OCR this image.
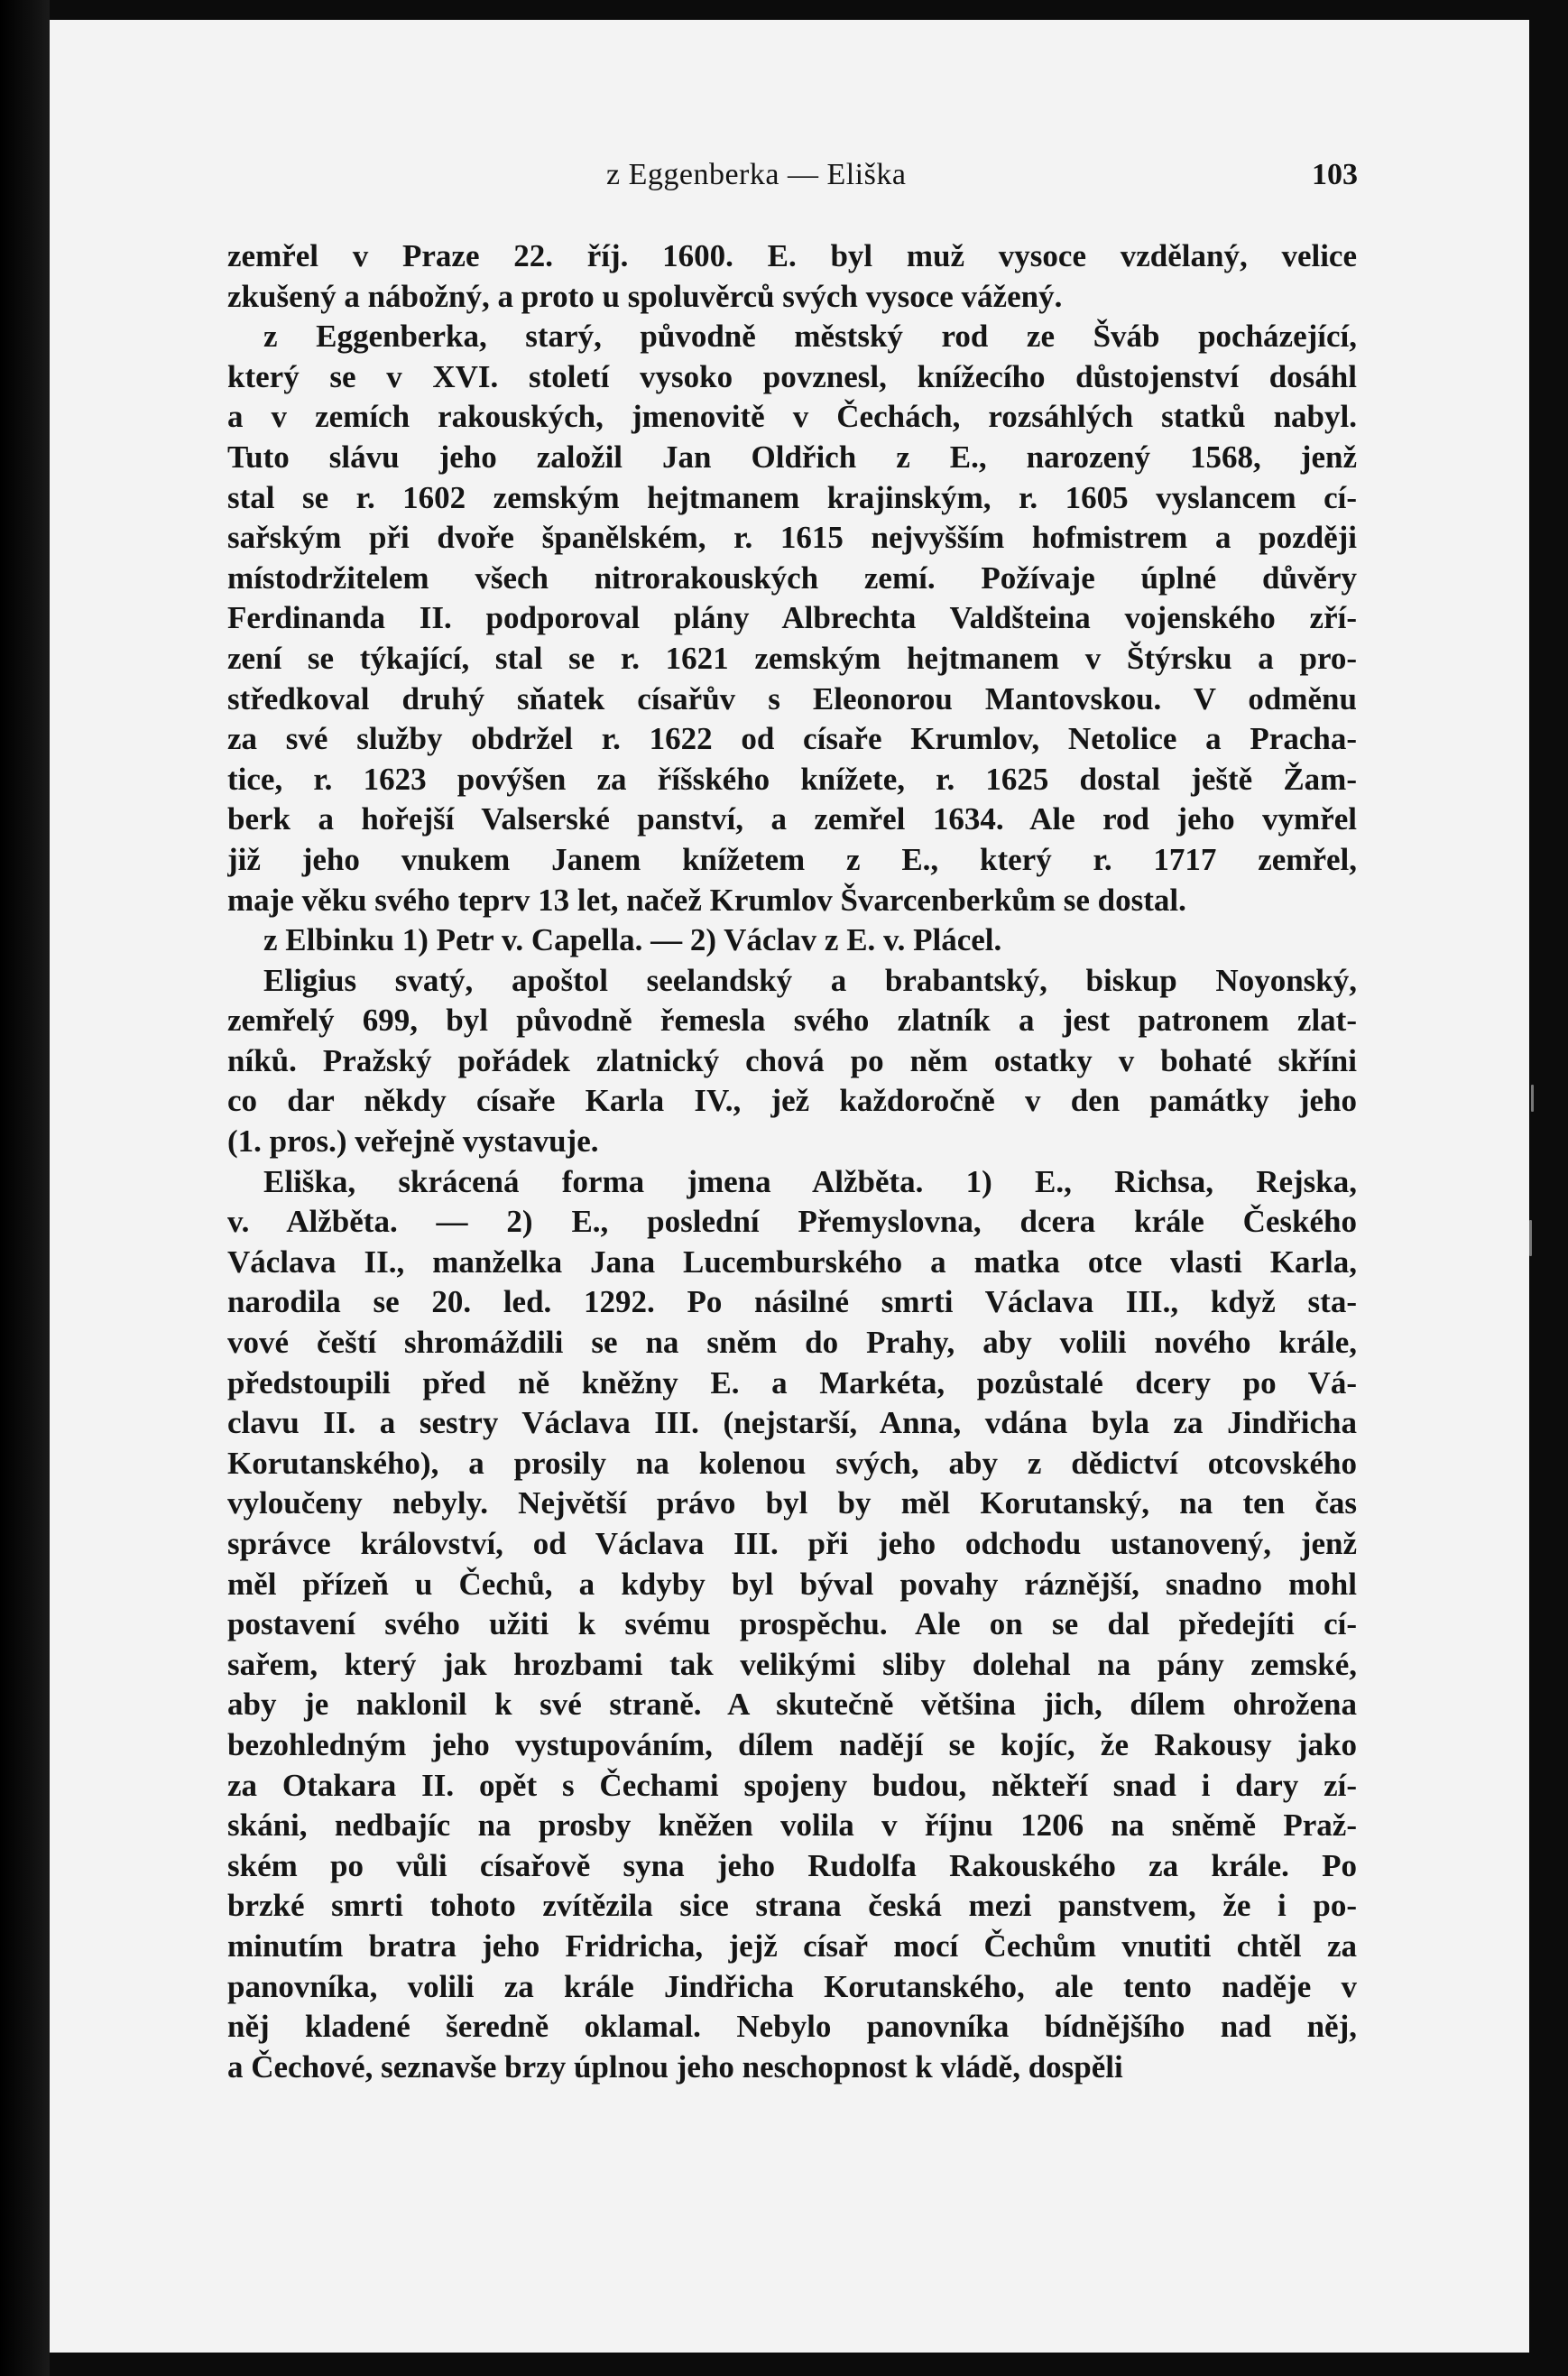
z Eggenberka — Eliška	103
zemřel v Praze 22. říj. 1600. E. byl muž vysoce vzdělaný, velice
zkušený a nábožný, a proto u spoluvěrců svých vysoce vážený.
z Eggenberka, starý, původně městský rod ze Šváb pocházející,
který se v XVI. století vysoko povznesl, knížecího důstojenství dosáhl
a v zemích rakouských, jmenovitě v Čechách, rozsáhlých statků nabyl.
Tuto slávu jeho založil Jan Oldřich z E., narozený 1568, jenž
stal se r. 1602 zemským hejtmanem krajinským, r. 1605 vyslancem cí-
sařským při dvoře španělském, r. 1615 nejvyšším hofmistrem a později
místodržitelem všech nitrorakouských zemí. Požívaje úplné důvěry
Ferdinanda II. podporoval plány Albrechta Valdšteina vojenského zří-
zení se týkající, stal se r. 1621 zemským hejtmanem v Štýrsku a pro-
středkoval druhý sňatek císařův s Eleonorou Mantovskou. V odměnu
za své služby obdržel r. 1622 od císaře Krumlov, Netolice a Pracha-
tice, r. 1623 povýšen za říšského knížete, r. 1625 dostal ještě Žam-
berk a hořejší Valserské panství, a zemřel 1634. Ale rod jeho vymřel
již jeho vnukem Janem knížetem z E., který r. 1717 zemřel,
maje věku svého teprv 13 let, načež Krumlov Švarcenberkům se dostal.
z Elbinku 1) Petr v. Capella. — 2) Václav z E. v. Plácel.
Eligius svatý, apoštol seelandský a brabantský, biskup Noyonský,
zemřelý 699, byl původně řemesla svého zlatník a jest patronem zlat-
níků. Pražský pořádek zlatnický chová po něm ostatky v bohaté skříni
co dar někdy císaře Karla IV., jež každoročně v den památky jeho
(1. pros.) veřejně vystavuje.
Eliška, skrácená forma jmena Alžběta. 1) E., Richsa, Rejska,
v. Alžběta. — 2) E., poslední Přemyslovna, dcera krále Českého
Václava II., manželka Jana Lucemburského a matka otce vlasti Karla,
narodila se 20. led. 1292. Po násilné smrti Václava III., když sta-
vové čeští shromáždili se na sněm do Prahy, aby volili nového krále,
předstoupili před ně kněžny E. a Markéta, pozůstalé dcery po Vá-
clavu II. a sestry Václava III. (nejstarší, Anna, vdána byla za Jindřicha
Korutanského), a prosily na kolenou svých, aby z dědictví otcovského
vyloučeny nebyly. Největší právo byl by měl Korutanský, na ten čas
správce království, od Václava III. při jeho odchodu ustanovený, jenž
měl přízeň u Čechů, a kdyby byl býval povahy ráznější, snadno mohl
postavení svého užiti k svému prospěchu. Ale on se dal předejíti cí-
sařem, který jak hrozbami tak velikými sliby dolehal na pány zemské,
aby je naklonil k své straně. A skutečně většina jich, dílem ohrožena
bezohledným jeho vystupováním, dílem nadějí se kojíc, že Rakousy jako
za Otakara II. opět s Čechami spojeny budou, někteří snad i dary zí-
skáni, nedbajíc na prosby kněžen volila v říjnu 1206 na sněmě Praž-
ském po vůli císařově syna jeho Rudolfa Rakouského za krále. Po
brzké smrti tohoto zvítězila sice strana česká mezi panstvem, že i po-
minutím bratra jeho Fridricha, jejž císař mocí Čechům vnutiti chtěl za
panovníka, volili za krále Jindřicha Korutanského, ale tento naděje v
něj kladené šeredně oklamal. Nebylo panovníka bídnějšího nad něj,
a Čechové, seznavše brzy úplnou jeho neschopnost k vládě, dospěli
